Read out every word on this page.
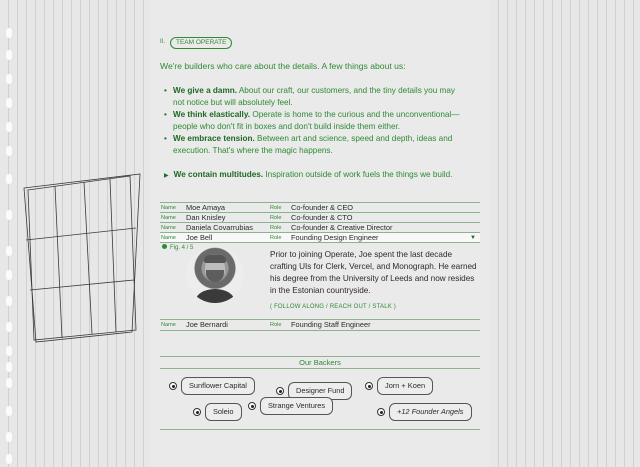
II.	TEAM OPERATE

We're builders who care about the details. A few things about us:

• We give a damn. About our craft, our customers, and the tiny details you may
not notice but will absolutely feel.
• We think elastically. Operate is home to the curious and the unconventional—
people who don't fit in boxes and don't build inside them either.
• We embrace tension. Between art and science, speed and depth, ideas and
execution. That's where the magic happens.
▶ We contain multitudes. Inspiration outside of work fuels the things we build.
Name Moe Amaya	Role Co-founder & CEO
Name Dan Knisley	Role Co-founder & CTO
Name Daniela Covarrubias	Role Co-founder & Creative Director
Name Joe Bell	Role Founding Design Engineer	▼
Fig. 4 / 5

Prior to joining Operate, Joe spent the last decade crafting UIs for Clerk, Vercel, and Monograph. He earned his degree from the University of Leeds and now resides in the Estonian countryside.

( FOLLOW ALONG / REACH OUT / STALK )
Name Joe Bernardi	Role Founding Staff Engineer
Our Backers
Sunflower Capital
Designer Fund
Jorn + Koen
Soleio
Strange Ventures
+12 Founder Angels
